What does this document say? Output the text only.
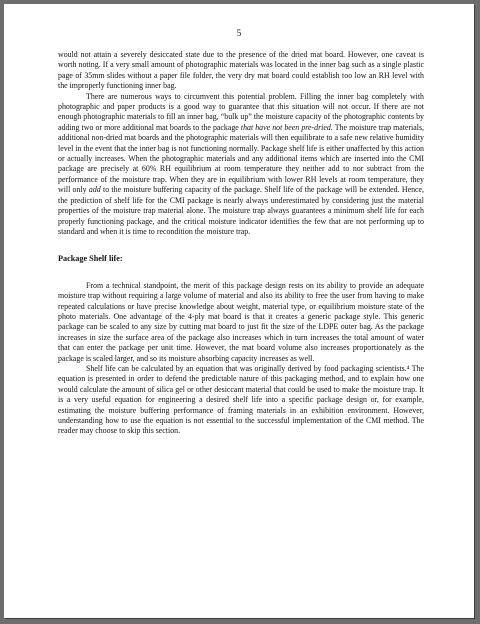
5

would not attain a severely desiccated state due to the presence of the dried mat board. However, one caveat is worth noting. If a very small amount of photographic materials was located in the inner bag such as a single plastic page of 35mm slides without a paper file folder, the very dry mat board could establish too low an RH level with the improperly functioning inner bag.

There are numerous ways to circumvent this potential problem. Filling the inner bag completely with photographic and paper products is a good way to guarantee that this situation will not occur. If there are not enough photographic materials to fill an inner bag, “bulk up” the moisture capacity of the photographic contents by adding two or more additional mat boards to the package that have not been pre-dried. The moisture trap materials, additional non-dried mat boards and the photographic materials will then equilibrate to a safe new relative humidity level in the event that the inner bag is not functioning normally. Package shelf life is either unaffected by this action or actually increases. When the photographic materials and any additional items which are inserted into the CMI package are precisely at 60% RH equilibrium at room temperature they neither add to nor subtract from the performance of the moisture trap. When they are in equilibrium with lower RH levels at room temperature, they will only add to the moisture buffering capacity of the package. Shelf life of the package will be extended. Hence, the prediction of shelf life for the CMI package is nearly always underestimated by considering just the material properties of the moisture trap material alone. The moisture trap always guarantees a minimum shelf life for each properly functioning package, and the critical moisture indicator identifies the few that are not performing up to standard and when it is time to recondition the moisture trap.

Package Shelf life:

From a technical standpoint, the merit of this package design rests on its ability to provide an adequate moisture trap without requiring a large volume of material and also its ability to free the user from having to make repeated calculations or have precise knowledge about weight, material type, or equilibrium moisture state of the photo materials. One advantage of the 4-ply mat board is that it creates a generic package style. This generic package can be scaled to any size by cutting mat board to just fit the size of the LDPE outer bag. As the package increases in size the surface area of the package also increases which in turn increases the total amount of water that can enter the package per unit time. However, the mat board volume also increases proportionately as the package is scaled larger, and so its moisture absorbing capacity increases as well.

Shelf life can be calculated by an equation that was originally derived by food packaging scientists.⁴ The equation is presented in order to defend the predictable nature of this packaging method, and to explain how one would calculate the amount of silica gel or other desiccant material that could be used to make the moisture trap. It is a very useful equation for engineering a desired shelf life into a specific package design or, for example, estimating the moisture buffering performance of framing materials in an exhibition environment. However, understanding how to use the equation is not essential to the successful implementation of the CMI method. The reader may choose to skip this section.
